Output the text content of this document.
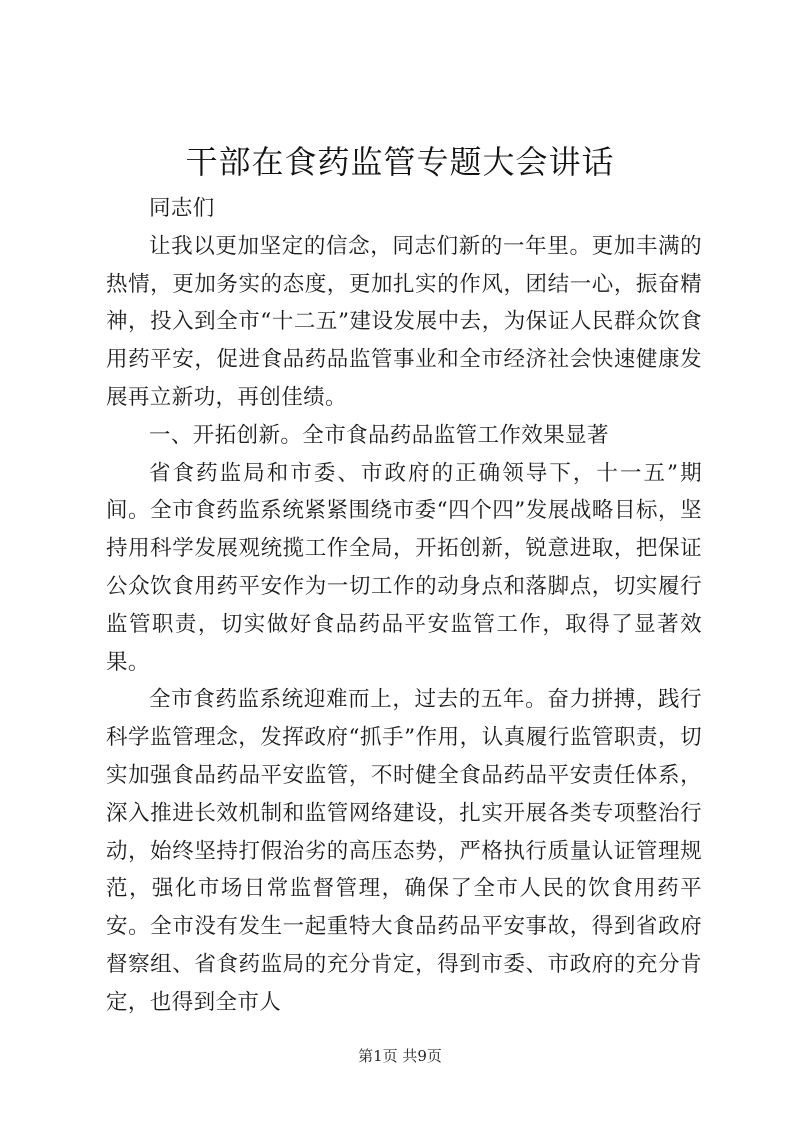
干部在食药监管专题大会讲话

同志们

让我以更加坚定的信念，同志们新的一年里。更加丰满的热情，更加务实的态度，更加扎实的作风，团结一心，振奋精神，投入到全市“十二五”建设发展中去，为保证人民群众饮食用药平安，促进食品药品监管事业和全市经济社会快速健康发展再立新功，再创佳绩。

一、开拓创新。全市食品药品监管工作效果显著

省食药监局和市委、市政府的正确领导下，十一五”期间。全市食药监系统紧紧围绕市委“四个四”发展战略目标，坚持用科学发展观统揽工作全局，开拓创新，锐意进取，把保证公众饮食用药平安作为一切工作的动身点和落脚点，切实履行监管职责，切实做好食品药品平安监管工作，取得了显著效果。

全市食药监系统迎难而上，过去的五年。奋力拼搏，践行科学监管理念，发挥政府“抓手”作用，认真履行监管职责，切实加强食品药品平安监管，不时健全食品药品平安责任体系，深入推进长效机制和监管网络建设，扎实开展各类专项整治行动，始终坚持打假治劣的高压态势，严格执行质量认证管理规范，强化市场日常监督管理，确保了全市人民的饮食用药平安。全市没有发生一起重特大食品药品平安事故，得到省政府督察组、省食药监局的充分肯定，得到市委、市政府的充分肯定，也得到全市人

第1页 共9页
